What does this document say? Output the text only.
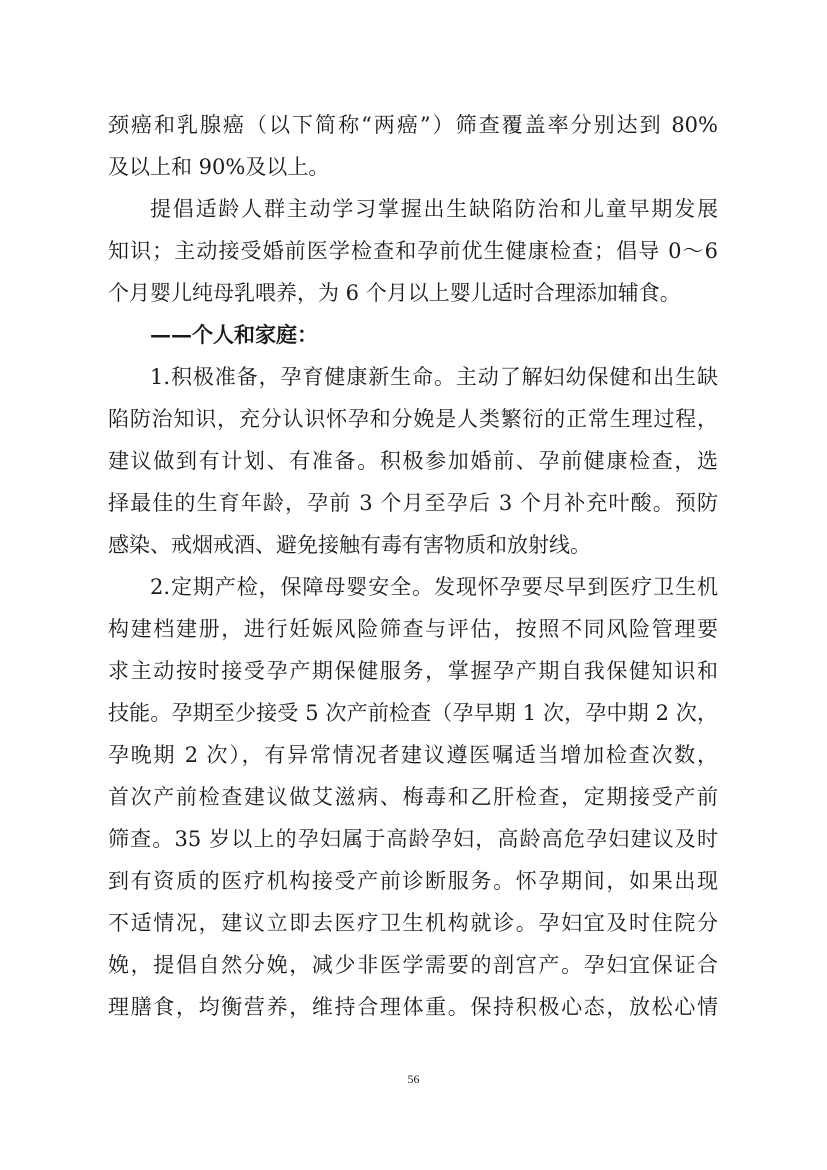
颈癌和乳腺癌（以下简称“两癌”）筛查覆盖率分别达到 80%
及以上和 90%及以上。
提倡适龄人群主动学习掌握出生缺陷防治和儿童早期发展
知识；主动接受婚前医学检查和孕前优生健康检查；倡导 0～6
个月婴儿纯母乳喂养，为 6 个月以上婴儿适时合理添加辅食。
——个人和家庭：
1.积极准备，孕育健康新生命。主动了解妇幼保健和出生缺
陷防治知识，充分认识怀孕和分娩是人类繁衍的正常生理过程，
建议做到有计划、有准备。积极参加婚前、孕前健康检查，选
择最佳的生育年龄，孕前 3 个月至孕后 3 个月补充叶酸。预防
感染、戒烟戒酒、避免接触有毒有害物质和放射线。
2.定期产检，保障母婴安全。发现怀孕要尽早到医疗卫生机
构建档建册，进行妊娠风险筛查与评估，按照不同风险管理要
求主动按时接受孕产期保健服务，掌握孕产期自我保健知识和
技能。孕期至少接受 5 次产前检查（孕早期 1 次，孕中期 2 次，
孕晚期 2 次），有异常情况者建议遵医嘱适当增加检查次数，
首次产前检查建议做艾滋病、梅毒和乙肝检查，定期接受产前
筛查。35 岁以上的孕妇属于高龄孕妇，高龄高危孕妇建议及时
到有资质的医疗机构接受产前诊断服务。怀孕期间，如果出现
不适情况，建议立即去医疗卫生机构就诊。孕妇宜及时住院分
娩，提倡自然分娩，减少非医学需要的剖宫产。孕妇宜保证合
理膳食，均衡营养，维持合理体重。保持积极心态，放松心情
56
